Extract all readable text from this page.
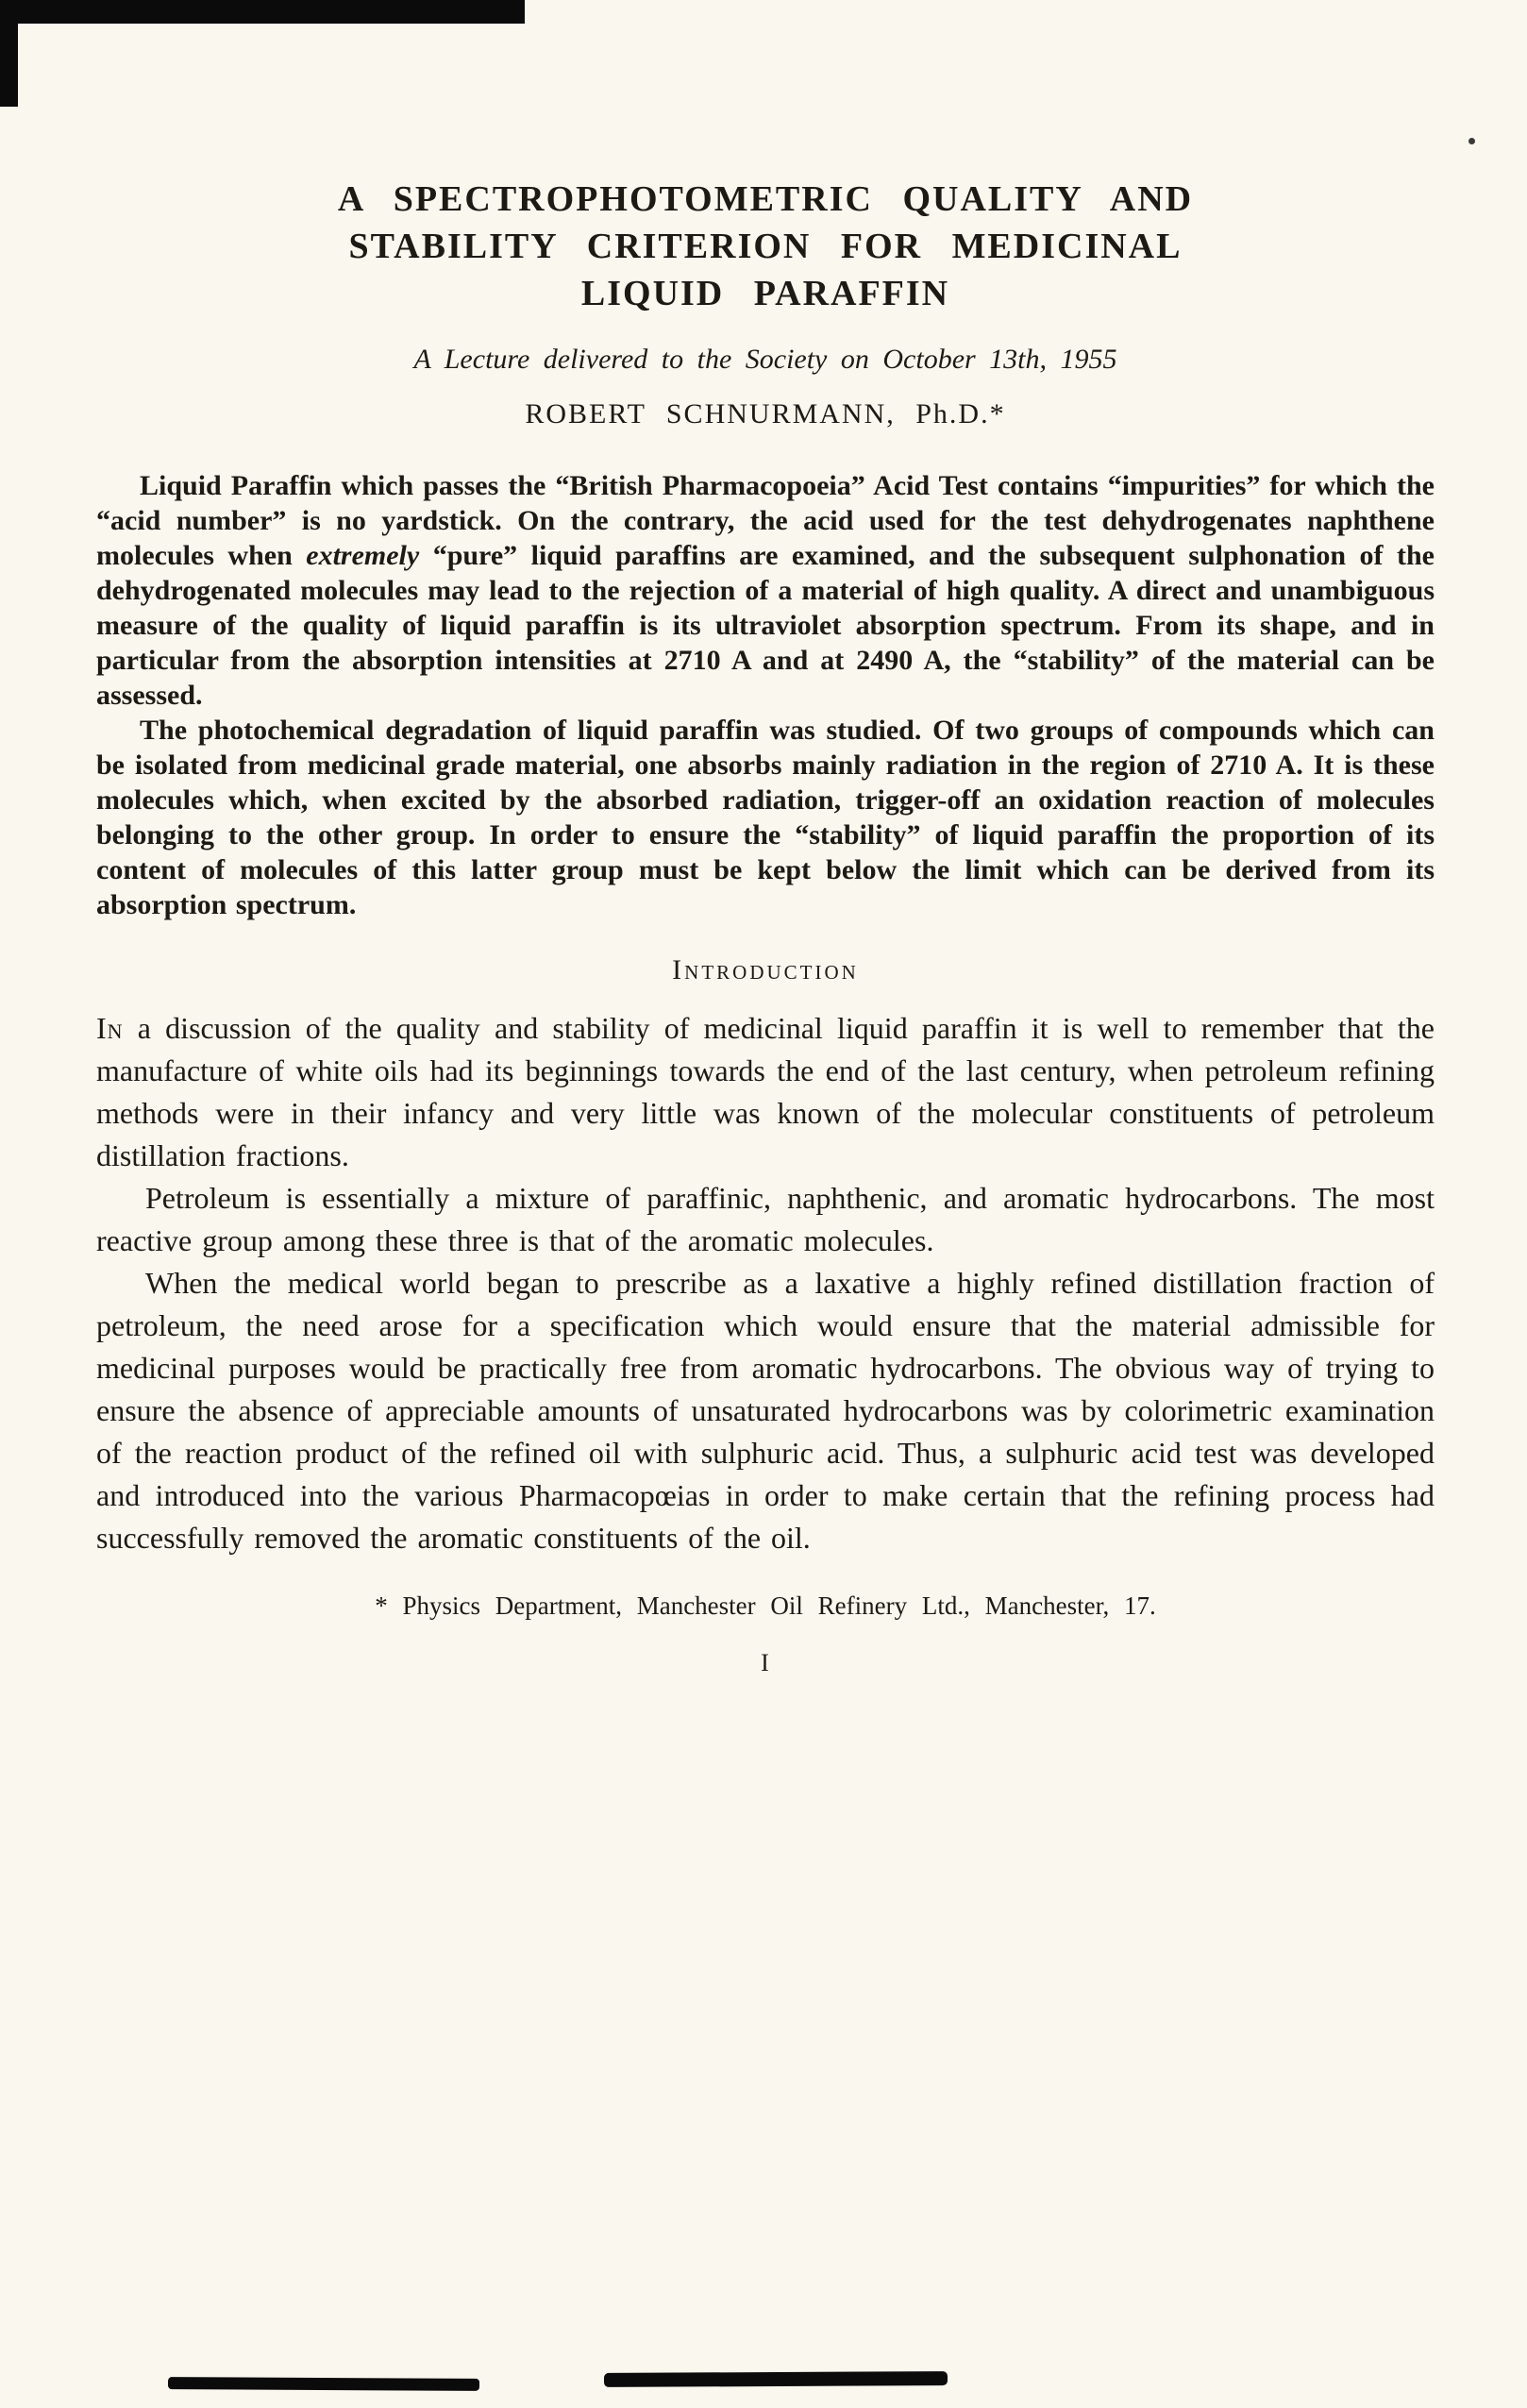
A SPECTROPHOTOMETRIC QUALITY AND
STABILITY CRITERION FOR MEDICINAL
LIQUID PARAFFIN
A Lecture delivered to the Society on October 13th, 1955
ROBERT SCHNURMANN, Ph.D.*

Liquid Paraffin which passes the “British Pharmacopoeia” Acid Test contains “impurities” for which the “acid number” is no yardstick. On the contrary, the acid used for the test dehydrogenates naphthene molecules when extremely “pure” liquid paraffins are examined, and the subsequent sulphonation of the dehydrogenated molecules may lead to the rejection of a material of high quality. A direct and unambiguous measure of the quality of liquid paraffin is its ultraviolet absorption spectrum. From its shape, and in particular from the absorption intensities at 2710 A and at 2490 A, the “stability” of the material can be assessed.

The photochemical degradation of liquid paraffin was studied. Of two groups of compounds which can be isolated from medicinal grade material, one absorbs mainly radiation in the region of 2710 A. It is these molecules which, when excited by the absorbed radiation, trigger-off an oxidation reaction of molecules belonging to the other group. In order to ensure the “stability” of liquid paraffin the proportion of its content of molecules of this latter group must be kept below the limit which can be derived from its absorption spectrum.

Introduction

In a discussion of the quality and stability of medicinal liquid paraffin it is well to remember that the manufacture of white oils had its beginnings towards the end of the last century, when petroleum refining methods were in their infancy and very little was known of the molecular constituents of petroleum distillation fractions.

Petroleum is essentially a mixture of paraffinic, naphthenic, and aromatic hydrocarbons. The most reactive group among these three is that of the aromatic molecules.

When the medical world began to prescribe as a laxative a highly refined distillation fraction of petroleum, the need arose for a specification which would ensure that the material admissible for medicinal purposes would be practically free from aromatic hydrocarbons. The obvious way of trying to ensure the absence of appreciable amounts of unsaturated hydrocarbons was by colorimetric examination of the reaction product of the refined oil with sulphuric acid. Thus, a sulphuric acid test was developed and introduced into the various Pharmacopœias in order to make certain that the refining process had successfully removed the aromatic constituents of the oil.

* Physics Department, Manchester Oil Refinery Ltd., Manchester, 17.
I
